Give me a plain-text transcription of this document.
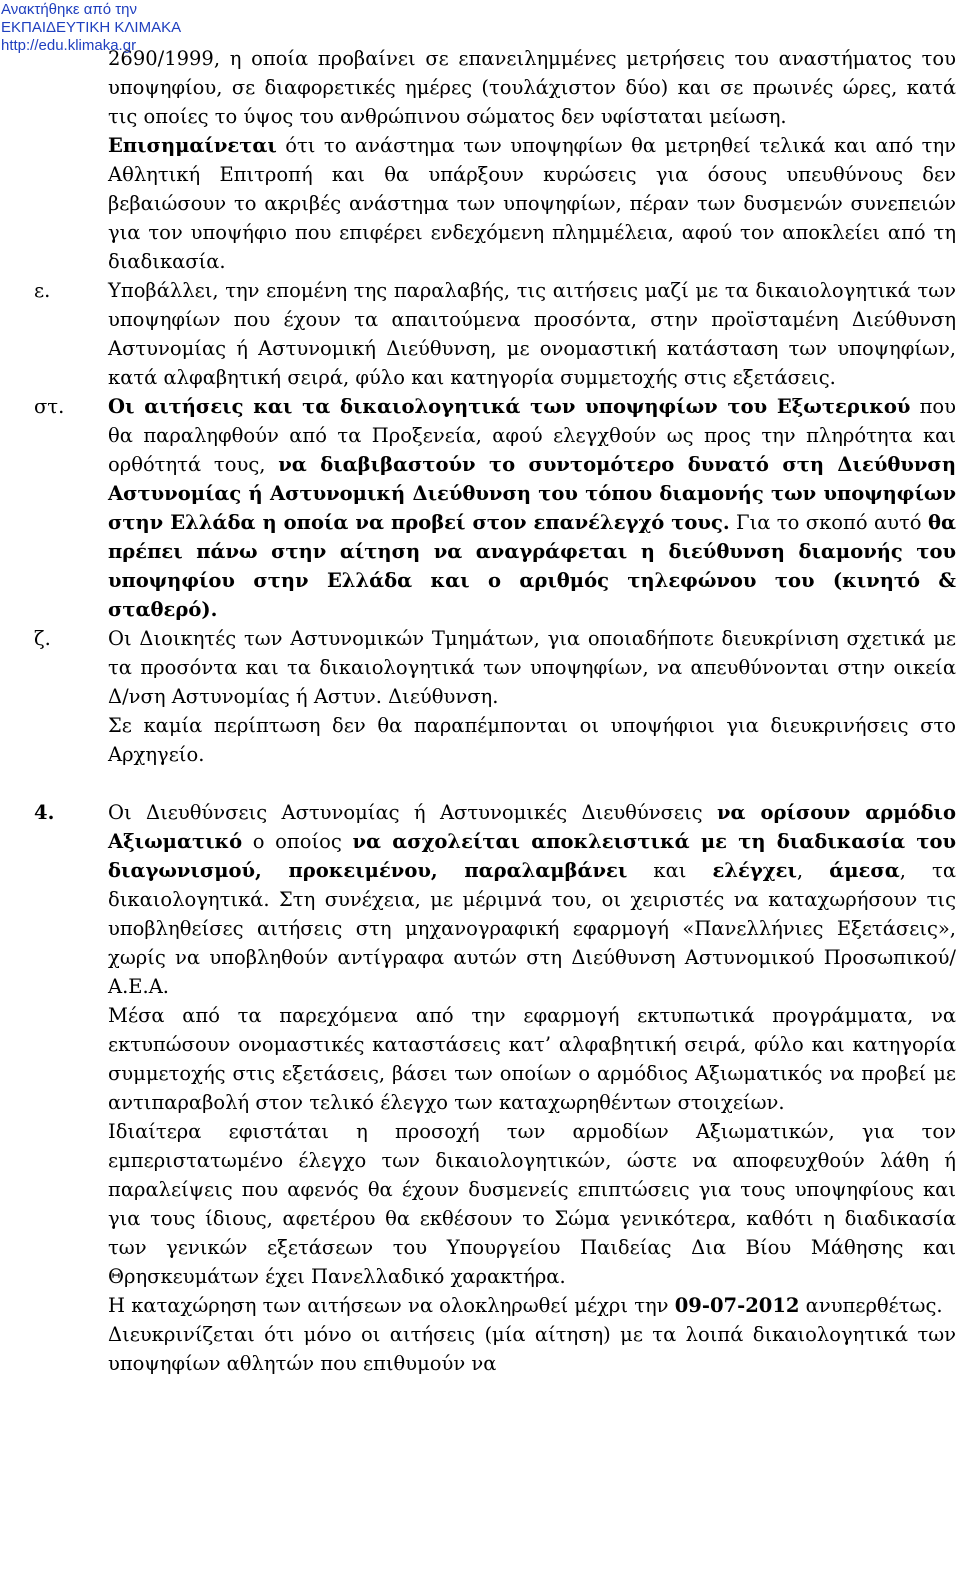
Ανακτήθηκε από την
ΕΚΠΑΙΔΕΥΤΙΚΗ ΚΛΙΜΑΚΑ
http://edu.klimaka.gr

2690/1999, η οποία προβαίνει σε επανειλημμένες μετρήσεις του αναστήματος του υποψηφίου, σε διαφορετικές ημέρες (τουλάχιστον δύο) και σε πρωινές ώρες, κατά τις οποίες το ύψος του ανθρώπινου σώματος δεν υφίσταται μείωση.

Επισημαίνεται ότι το ανάστημα των υποψηφίων θα μετρηθεί τελικά και από την Αθλητική Επιτροπή και θα υπάρξουν κυρώσεις για όσους υπευθύνους δεν βεβαιώσουν το ακριβές ανάστημα των υποψηφίων, πέραν των δυσμενών συνεπειών για τον υποψήφιο που επιφέρει ενδεχόμενη πλημμέλεια, αφού τον αποκλείει από τη διαδικασία.

ε.	Υποβάλλει, την επομένη της παραλαβής, τις αιτήσεις μαζί με τα δικαιολογητικά των υποψηφίων που έχουν τα απαιτούμενα προσόντα, στην προϊσταμένη Διεύθυνση Αστυνομίας ή Αστυνομική Διεύθυνση, με ονομαστική κατάσταση των υποψηφίων, κατά αλφαβητική σειρά, φύλο και κατηγορία συμμετοχής στις εξετάσεις.

στ.	Οι αιτήσεις και τα δικαιολογητικά των υποψηφίων του Εξωτερικού που θα παραληφθούν από τα Προξενεία, αφού ελεγχθούν ως προς την πληρότητα και ορθότητά τους, να διαβιβαστούν το συντομότερο δυνατό στη Διεύθυνση Αστυνομίας ή Αστυνομική Διεύθυνση του τόπου διαμονής των υποψηφίων στην Ελλάδα η οποία να προβεί στον επανέλεγχό τους. Για το σκοπό αυτό θα πρέπει πάνω στην αίτηση να αναγράφεται η διεύθυνση διαμονής του υποψηφίου στην Ελλάδα και ο αριθμός τηλεφώνου του (κινητό & σταθερό).

ζ.	Οι Διοικητές των Αστυνομικών Τμημάτων, για οποιαδήποτε διευκρίνιση σχετικά με τα προσόντα και τα δικαιολογητικά των υποψηφίων, να απευθύνονται στην οικεία Δ/νση Αστυνομίας ή Αστυν. Διεύθυνση.

Σε καμία περίπτωση δεν θα παραπέμπονται οι υποψήφιοι για διευκρινήσεις στο Αρχηγείο.

4.	Οι Διευθύνσεις Αστυνομίας ή Αστυνομικές Διευθύνσεις να ορίσουν αρμόδιο Αξιωματικό ο οποίος να ασχολείται αποκλειστικά με τη διαδικασία του διαγωνισμού, προκειμένου, παραλαμβάνει και ελέγχει, άμεσα, τα δικαιολογητικά. Στη συνέχεια, με μέριμνά του, οι χειριστές να καταχωρήσουν τις υποβληθείσες αιτήσεις στη μηχανογραφική εφαρμογή «Πανελλήνιες Εξετάσεις», χωρίς να υποβληθούν αντίγραφα αυτών στη Διεύθυνση Αστυνομικού Προσωπικού/Α.Ε.Α.

Μέσα από τα παρεχόμενα από την εφαρμογή εκτυπωτικά προγράμματα, να εκτυπώσουν ονομαστικές καταστάσεις κατ’ αλφαβητική σειρά, φύλο και κατηγορία συμμετοχής στις εξετάσεις, βάσει των οποίων ο αρμόδιος Αξιωματικός να προβεί με αντιπαραβολή στον τελικό έλεγχο των καταχωρηθέντων στοιχείων.

Ιδιαίτερα εφιστάται η προσοχή των αρμοδίων Αξιωματικών, για τον εμπεριστατωμένο έλεγχο των δικαιολογητικών, ώστε να αποφευχθούν λάθη ή παραλείψεις που αφενός θα έχουν δυσμενείς επιπτώσεις για τους υποψηφίους και για τους ίδιους, αφετέρου θα εκθέσουν το Σώμα γενικότερα, καθότι η διαδικασία των γενικών εξετάσεων του Υπουργείου Παιδείας Δια Βίου Μάθησης και Θρησκευμάτων έχει Πανελλαδικό χαρακτήρα.

Η καταχώρηση των αιτήσεων να ολοκληρωθεί μέχρι την 09-07-2012 ανυπερθέτως.

Διευκρινίζεται ότι μόνο οι αιτήσεις (μία αίτηση) με τα λοιπά δικαιολογητικά των υποψηφίων αθλητών που επιθυμούν να
